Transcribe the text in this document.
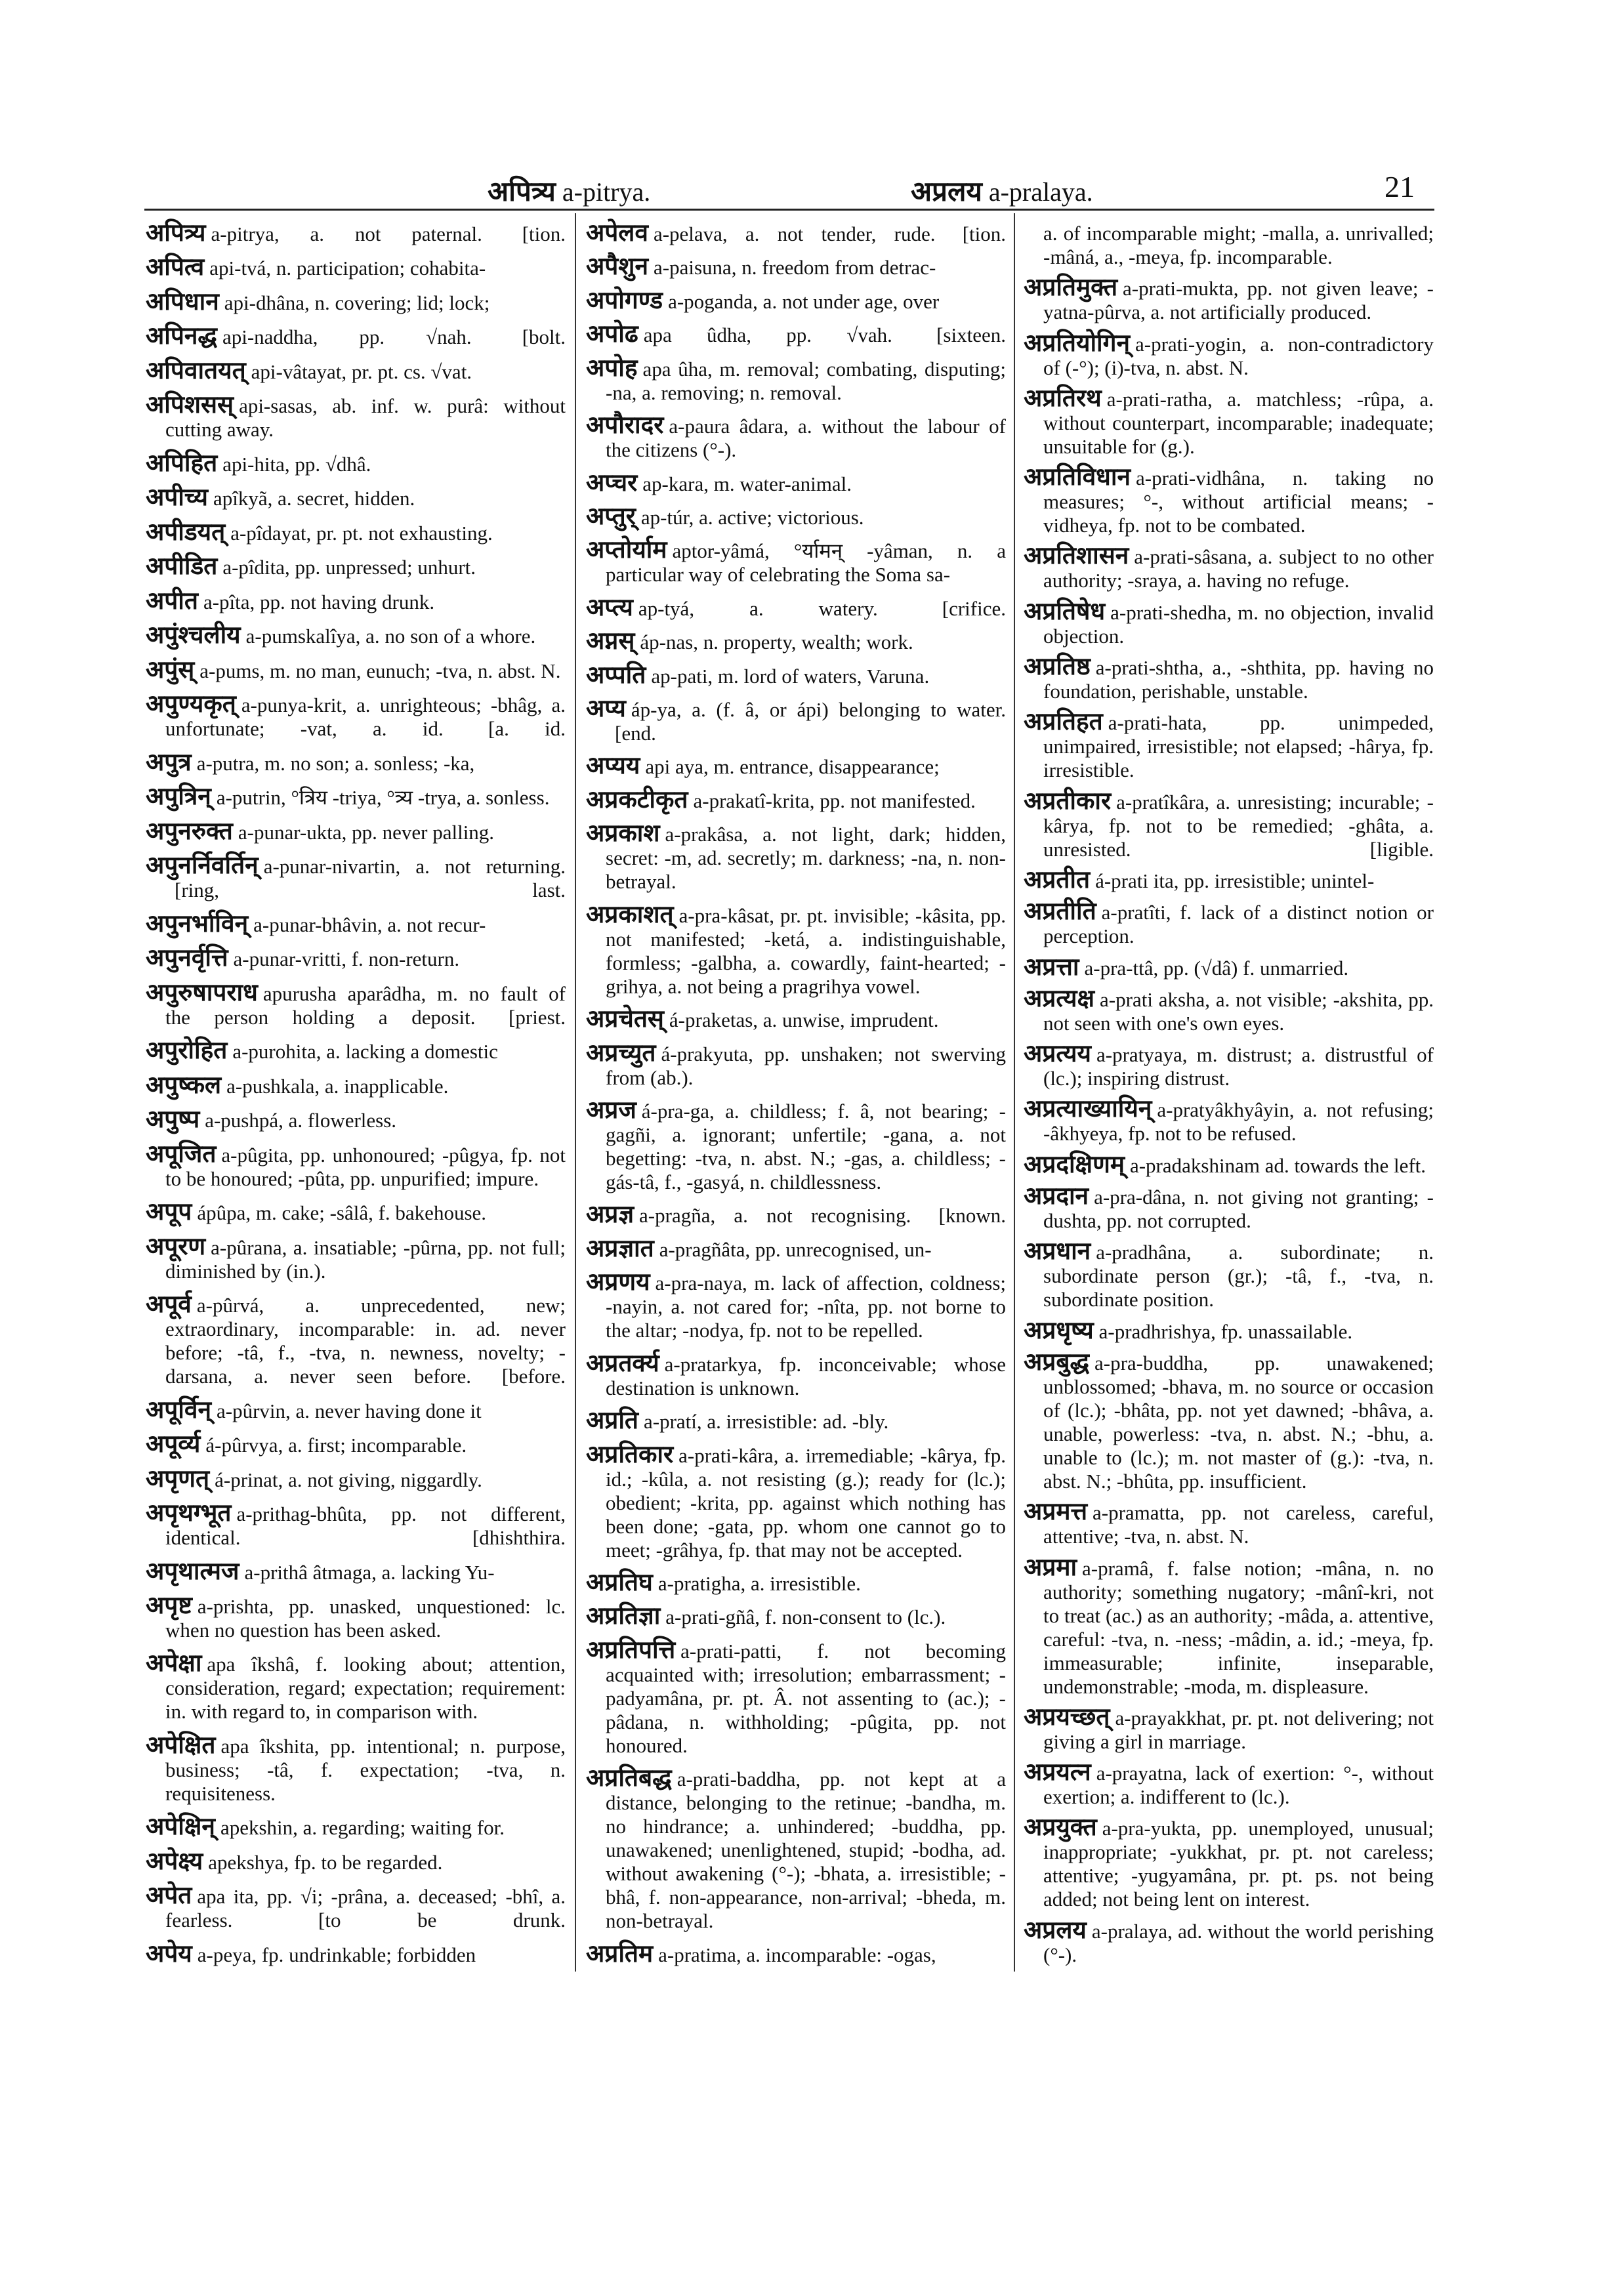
अपित्र्य a-pitrya.	अप्रलय a-pralaya.	21
अपित्र्य a-pitrya, a. not paternal. [tion.
अपित्व api-tvá, n. participation; cohabita-
अपिधान api-dhâna, n. covering; lid; lock;
अपिनद्ध api-naddha, pp. √nah. [bolt.
अपिवातयत् api-vâtayat, pr. pt. cs. √vat.
अपिशसस् api-sasas, ab. inf. w. purâ: without cutting away.
अपिहित api-hita, pp. √dhâ.
अपीच्य apîkyã, a. secret, hidden.
अपीडयत् a-pîdayat, pr. pt. not exhausting.
अपीडित a-pîdita, pp. unpressed; unhurt.
अपीत a-pîta, pp. not having drunk.
अपुंश्चलीय a-pumskalîya, a. no son of a whore.
अपुंस् a-pums, m. no man, eunuch; -tva, n. abst. N.
अपुण्यकृत् a-punya-krit, a. unrighteous; -bhâg, a. unfortunate; -vat, a. id. [a. id.
अपुत्र a-putra, m. no son; a. sonless; -ka,
अपुत्रिन् a-putrin, °त्रिय -triya, °त्र्य -trya, a. sonless.
अपुनरुक्त a-punar-ukta, pp. never palling.
अपुनर्निवर्तिन् a-punar-nivartin, a. not returning. [ring, last.
अपुनर्भाविन् a-punar-bhâvin, a. not recur-
अपुनर्वृत्ति a-punar-vritti, f. non-return.
अपुरुषापराध apurusha aparâdha, m. no fault of the person holding a deposit. [priest.
अपुरोहित a-purohita, a. lacking a domestic
अपुष्कल a-pushkala, a. inapplicable.
अपुष्प a-pushpá, a. flowerless.
अपूजित a-pûgita, pp. unhonoured; -pûgya, fp. not to be honoured; -pûta, pp. unpurified; impure.
अपूप ápûpa, m. cake; -sâlâ, f. bakehouse.
अपूरण a-pûrana, a. insatiable; -pûrna, pp. not full; diminished by (in.).
अपूर्व a-pûrvá, a. unprecedented, new; extraordinary, incomparable: in. ad. never before; -tâ, f., -tva, n. newness, novelty; -darsana, a. never seen before. [before.
अपूर्विन् a-pûrvin, a. never having done it
अपूर्व्य á-pûrvya, a. first; incomparable.
अपृणत् á-prinat, a. not giving, niggardly.
अपृथग्भूत a-prithag-bhûta, pp. not different, identical.	[dhishthira.
अपृथात्मज a-prithâ âtmaga, a. lacking Yu-
अपृष्ट a-prishta, pp. unasked, unquestioned: lc. when no question has been asked.
अपेक्षा apa îkshâ, f. looking about; attention, consideration, regard; expectation; requirement: in. with regard to, in comparison with.
अपेक्षित apa îkshita, pp. intentional; n. purpose, business; -tâ, f. expectation; -tva, n. requisiteness.
अपेक्षिन् apekshin, a. regarding; waiting for.
अपेक्ष्य apekshya, fp. to be regarded.
अपेत apa ita, pp. √i; -prâna, a. deceased; -bhî, a. fearless.	[to be drunk.
अपेय a-peya, fp. undrinkable; forbidden
अपेलव a-pelava, a. not tender, rude. [tion.
अपैशुन a-paisuna, n. freedom from detrac-
अपोगण्ड a-poganda, a. not under age, over
अपोढ apa ûdha, pp. √vah. [sixteen.
अपोह apa ûha, m. removal; combating, disputing; -na, a. removing; n. removal.
अपौरादर a-paura âdara, a. without the labour of the citizens (°-).
अप्चर ap-kara, m. water-animal.
अप्तुर् ap-túr, a. active; victorious.
अप्तोर्याम aptor-yâmá, °र्यामन् -yâman, n. a particular way of celebrating the Soma sa-
अप्त्य ap-tyá, a. watery.	[crifice.
अप्नस् áp-nas, n. property, wealth; work.
अप्पति ap-pati, m. lord of waters, Varuna.
अप्य áp-ya, a. (f. â, or ápi) belonging to water. [end.
अप्यय api aya, m. entrance, disappearance;
अप्रकटीकृत a-prakatî-krita, pp. not manifested.
अप्रकाश a-prakâsa, a. not light, dark; hidden, secret: -m, ad. secretly; m. darkness; -na, n. non-betrayal.
अप्रकाशत् a-pra-kâsat, pr. pt. invisible; -kâsita, pp. not manifested; -ketá, a. indistinguishable, formless; -galbha, a. cowardly, faint-hearted; -grihya, a. not being a pragrihya vowel.
अप्रचेतस् á-praketas, a. unwise, imprudent.
अप्रच्युत á-prakyuta, pp. unshaken; not swerving from (ab.).
अप्रज á-pra-ga, a. childless; f. â, not bearing; -gagñi, a. ignorant; unfertile; -gana, a. not begetting: -tva, n. abst. N.; -gas, a. childless; -gás-tâ, f., -gasyá, n. childlessness.
अप्रज्ञ a-pragña, a. not recognising. [known.
अप्रज्ञात a-pragñâta, pp. unrecognised, un-
अप्रणय a-pra-naya, m. lack of affection, coldness; -nayin, a. not cared for; -nîta, pp. not borne to the altar; -nodya, fp. not to be repelled.
अप्रतर्क्य a-pratarkya, fp. inconceivable; whose destination is unknown.
अप्रति a-pratí, a. irresistible: ad. -bly.
अप्रतिकार a-prati-kâra, a. irremediable; -kârya, fp. id.; -kûla, a. not resisting (g.); ready for (lc.); obedient; -krita, pp. against which nothing has been done; -gata, pp. whom one cannot go to meet; -grâhya, fp. that may not be accepted.
अप्रतिघ a-pratigha, a. irresistible.
अप्रतिज्ञा a-prati-gñâ, f. non-consent to (lc.).
अप्रतिपत्ति a-prati-patti, f. not becoming acquainted with; irresolution; embarrassment; -padyamâna, pr. pt. Â. not assenting to (ac.); -pâdana, n. withholding; -pûgita, pp. not honoured.
अप्रतिबद्ध a-prati-baddha, pp. not kept at a distance, belonging to the retinue; -bandha, m. no hindrance; a. unhindered; -buddha, pp. unawakened; unenlightened, stupid; -bodha, ad. without awakening (°-); -bhata, a. irresistible; -bhâ, f. non-appearance, non-arrival; -bheda, m. non-betrayal.
अप्रतिम a-pratima, a. incomparable: -ogas,
a. of incomparable might; -malla, a. unrivalled; -mâná, a., -meya, fp. incomparable.
अप्रतिमुक्त a-prati-mukta, pp. not given leave; -yatna-pûrva, a. not artificially produced.
अप्रतियोगिन् a-prati-yogin, a. non-contradictory of (-°); (i)-tva, n. abst. N.
अप्रतिरथ a-prati-ratha, a. matchless; -rûpa, a. without counterpart, incomparable; inadequate; unsuitable for (g.).
अप्रतिविधान a-prati-vidhâna, n. taking no measures; °-, without artificial means; -vidheya, fp. not to be combated.
अप्रतिशासन a-prati-sâsana, a. subject to no other authority; -sraya, a. having no refuge.
अप्रतिषेध a-prati-shedha, m. no objection, invalid objection.
अप्रतिष्ठ a-prati-shtha, a., -shthita, pp. having no foundation, perishable, unstable.
अप्रतिहत a-prati-hata, pp. unimpeded, unimpaired, irresistible; not elapsed; -hârya, fp. irresistible.
अप्रतीकार a-pratîkâra, a. unresisting; incurable; -kârya, fp. not to be remedied; -ghâta, a. unresisted.	[ligible.
अप्रतीत á-prati ita, pp. irresistible; unintel-
अप्रतीति a-pratîti, f. lack of a distinct notion or perception.
अप्रत्ता a-pra-ttâ, pp. (√dâ) f. unmarried.
अप्रत्यक्ष a-prati aksha, a. not visible; -akshita, pp. not seen with one's own eyes.
अप्रत्यय a-pratyaya, m. distrust; a. distrustful of (lc.); inspiring distrust.
अप्रत्याख्यायिन् a-pratyâkhyâyin, a. not refusing; -âkhyeya, fp. not to be refused.
अप्रदक्षिणम् a-pradakshinam ad. towards the left.
अप्रदान a-pra-dâna, n. not giving not granting; -dushta, pp. not corrupted.
अप्रधान a-pradhâna, a. subordinate; n. subordinate person (gr.); -tâ, f., -tva, n. subordinate position.
अप्रधृष्य a-pradhrishya, fp. unassailable.
अप्रबुद्ध a-pra-buddha, pp. unawakened; unblossomed; -bhava, m. no source or occasion of (lc.); -bhâta, pp. not yet dawned; -bhâva, a. unable, powerless: -tva, n. abst. N.; -bhu, a. unable to (lc.); m. not master of (g.): -tva, n. abst. N.; -bhûta, pp. insufficient.
अप्रमत्त a-pramatta, pp. not careless, careful, attentive; -tva, n. abst. N.
अप्रमा a-pramâ, f. false notion; -mâna, n. no authority; something nugatory; -mânî-kri, not to treat (ac.) as an authority; -mâda, a. attentive, careful: -tva, n. -ness; -mâdin, a. id.; -meya, fp. immeasurable; infinite, inseparable, undemonstrable; -moda, m. displeasure.
अप्रयच्छत् a-prayakkhat, pr. pt. not delivering; not giving a girl in marriage.
अप्रयत्न a-prayatna, lack of exertion: °-, without exertion; a. indifferent to (lc.).
अप्रयुक्त a-pra-yukta, pp. unemployed, unusual; inappropriate; -yukkhat, pr. pt. not careless; attentive; -yugyamâna, pr. pt. ps. not being added; not being lent on interest.
अप्रलय a-pralaya, ad. without the world perishing (°-).
